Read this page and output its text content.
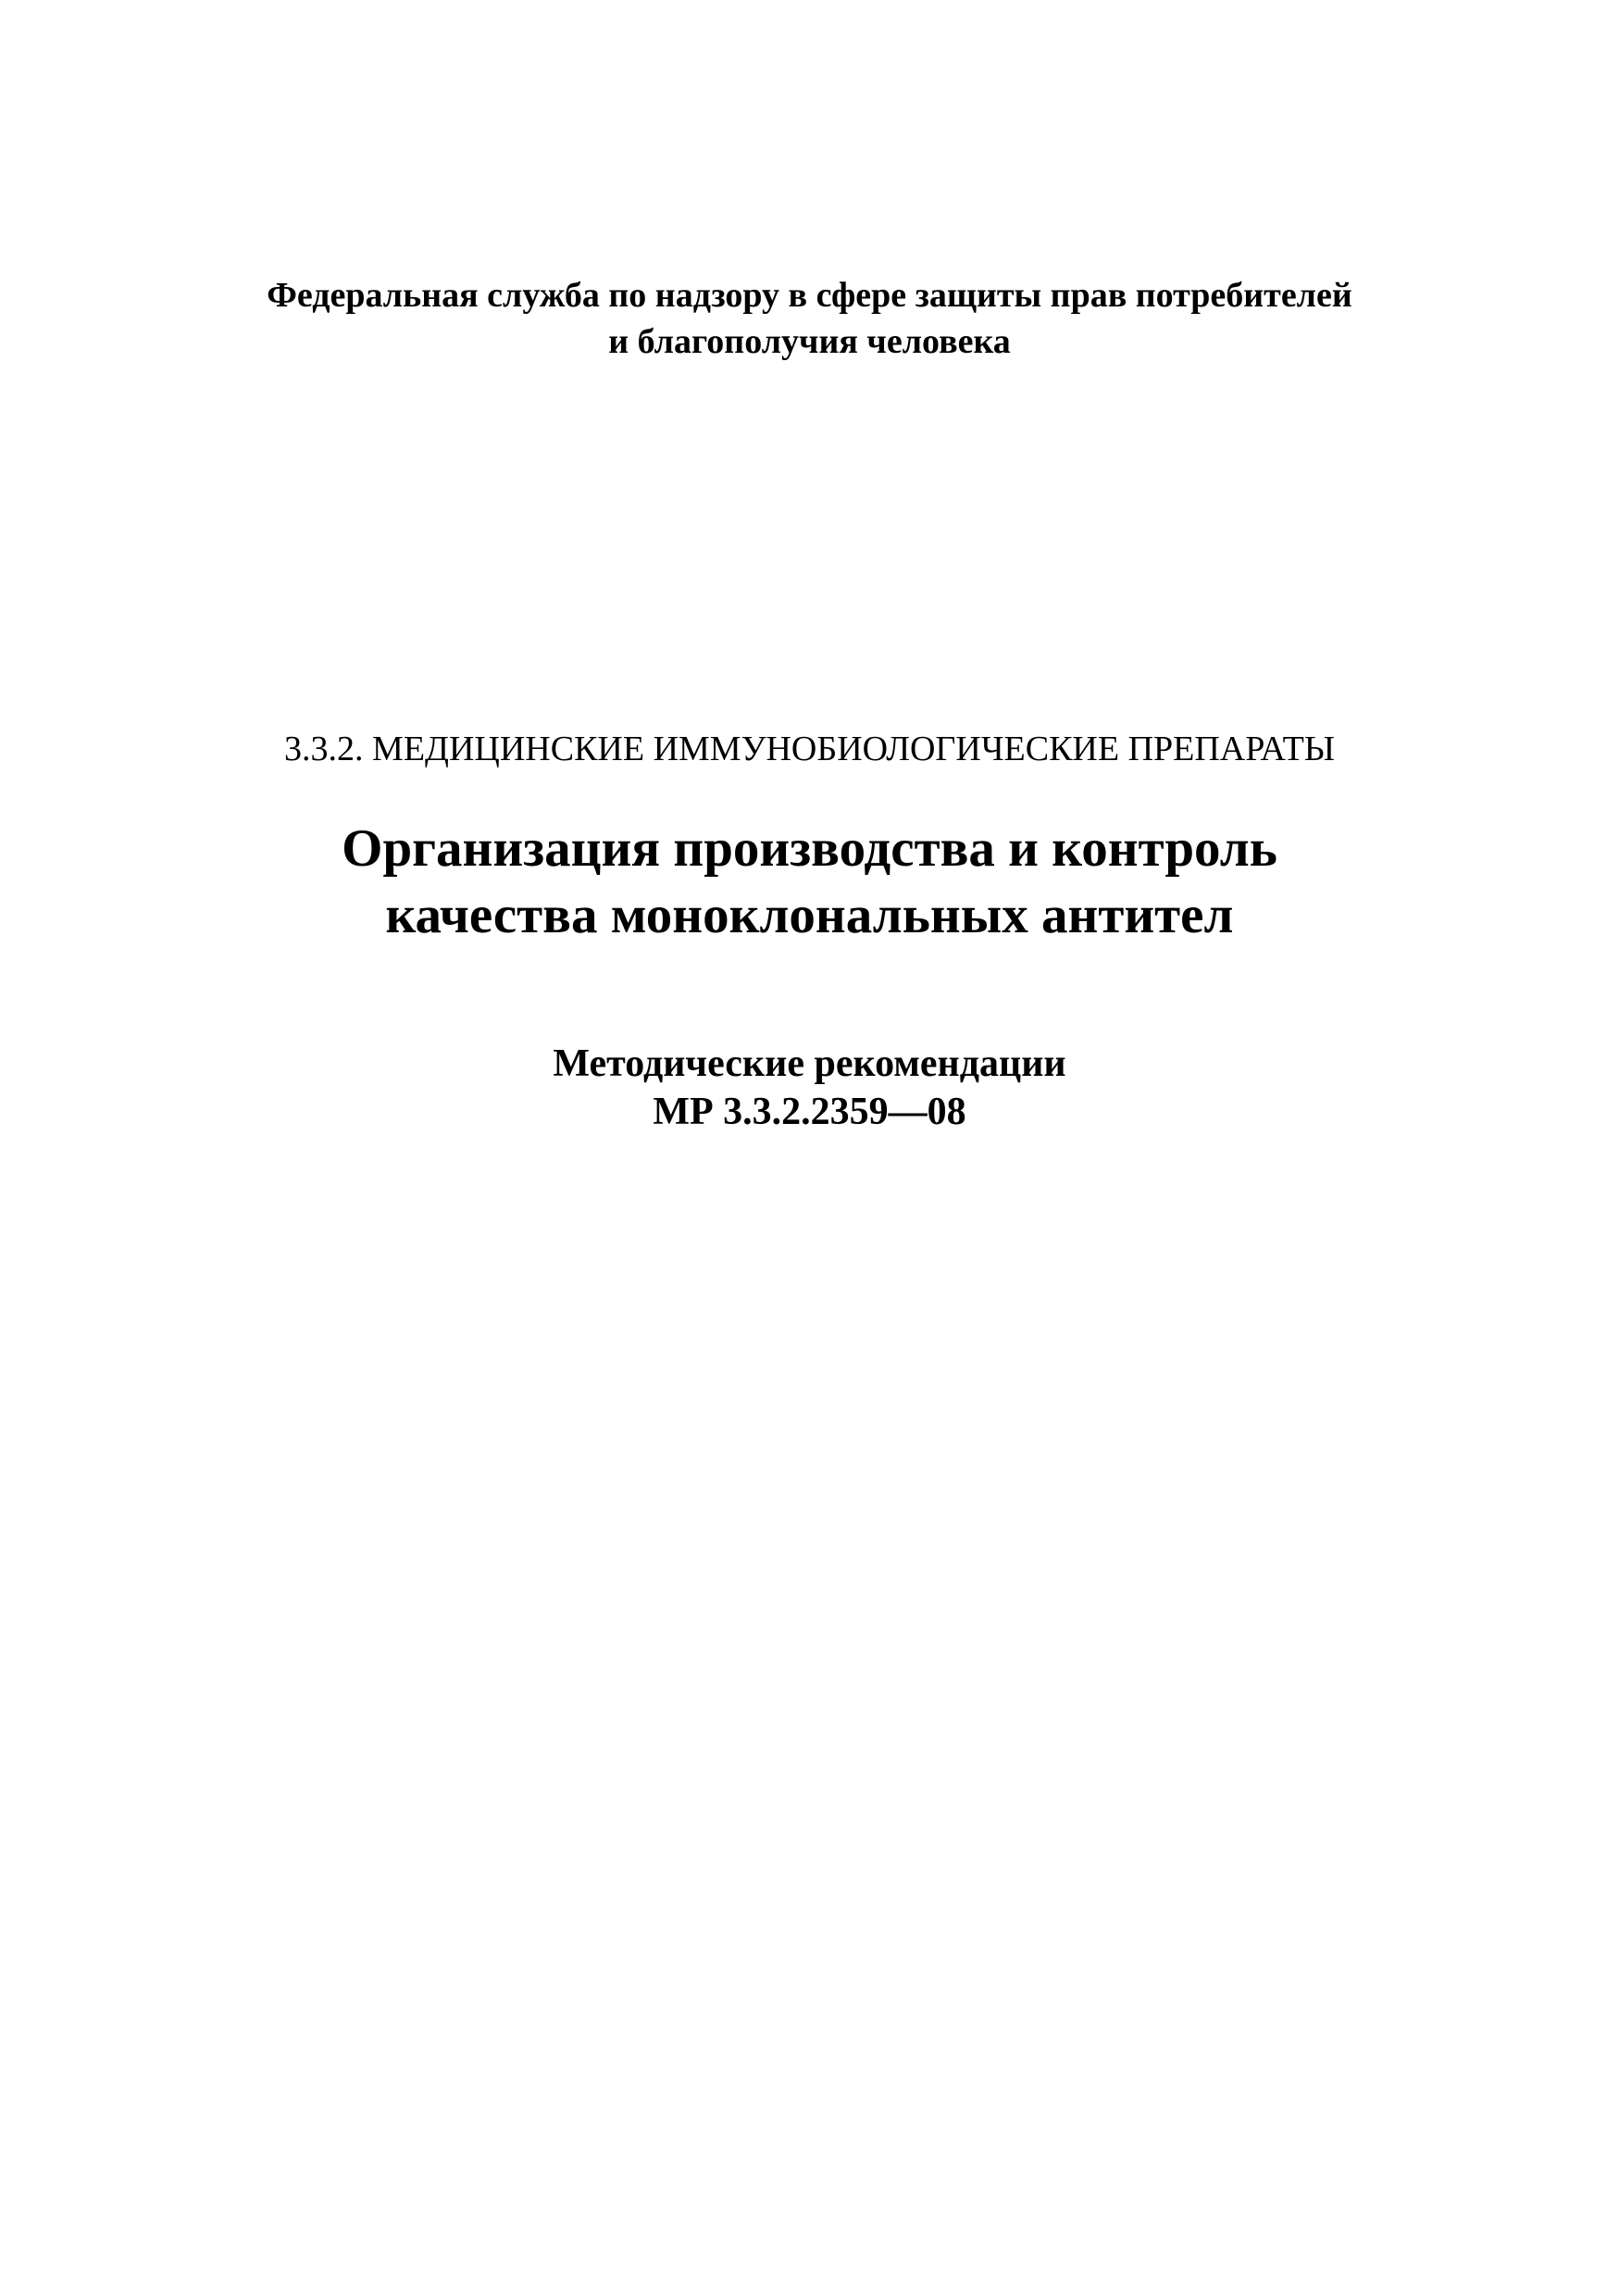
Федеральная служба по надзору в сфере защиты прав потребителей
и благополучия человека
3.3.2. МЕДИЦИНСКИЕ ИММУНОБИОЛОГИЧЕСКИЕ ПРЕПАРАТЫ
Организация производства и контроль
качества моноклональных антител
Методические рекомендации
МР 3.3.2.2359—08
